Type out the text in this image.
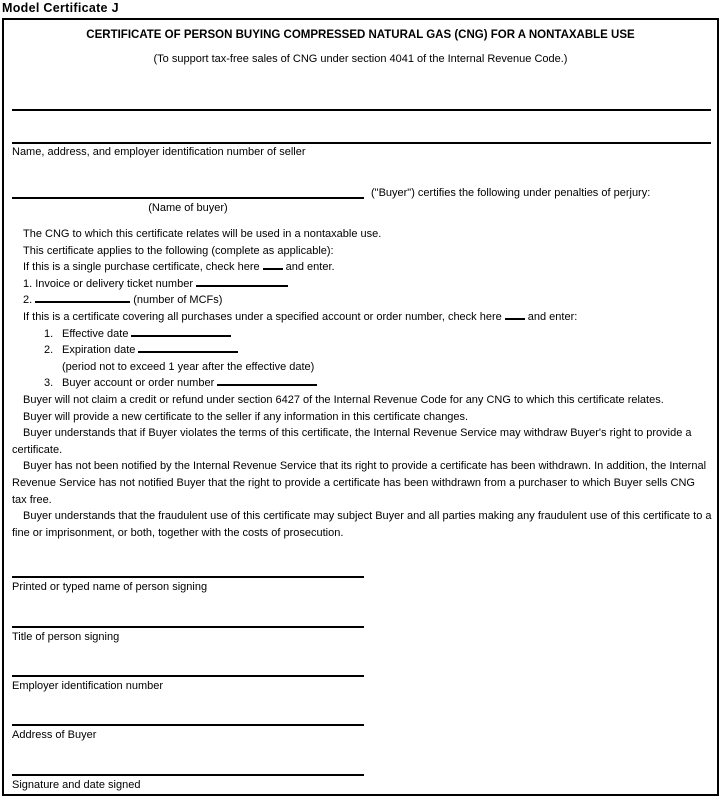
Model Certificate J
CERTIFICATE OF PERSON BUYING COMPRESSED NATURAL GAS (CNG) FOR A NONTAXABLE USE
(To support tax-free sales of CNG under section 4041 of the Internal Revenue Code.)
Name, address, and employer identification number of seller
(Name of buyer)
("Buyer") certifies the following under penalties of perjury:

The CNG to which this certificate relates will be used in a nontaxable use.

This certificate applies to the following (complete as applicable):

If this is a single purchase certificate, check here and enter.

1. Invoice or delivery ticket number

2.	(number of MCFs)

If this is a certificate covering all purchases under a specified account or order number, check here and enter:

1. Effective date

2. Expiration date

(period not to exceed 1 year after the effective date)

3. Buyer account or order number

Buyer will not claim a credit or refund under section 6427 of the Internal Revenue Code for any CNG to which this certificate relates.

Buyer will provide a new certificate to the seller if any information in this certificate changes.

Buyer understands that if Buyer violates the terms of this certificate, the Internal Revenue Service may withdraw Buyer's right to provide a certificate.

Buyer has not been notified by the Internal Revenue Service that its right to provide a certificate has been withdrawn. In addition, the Internal Revenue Service has not notified Buyer that the right to provide a certificate has been withdrawn from a purchaser to which Buyer sells CNG tax free.

Buyer understands that the fraudulent use of this certificate may subject Buyer and all parties making any fraudulent use of this certificate to a fine or imprisonment, or both, together with the costs of prosecution.

Printed or typed name of person signing
Title of person signing
Employer identification number
Address of Buyer
Signature and date signed
